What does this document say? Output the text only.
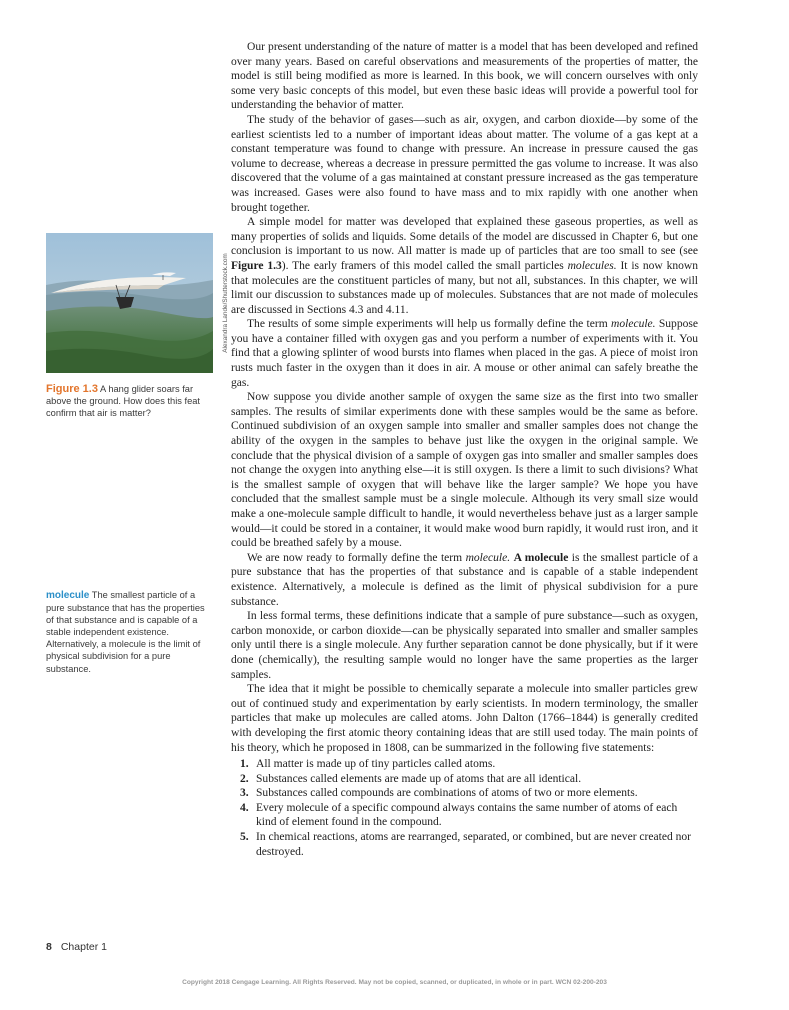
Alexandra Lande/Shutterstock.com
Figure 1.3 A hang glider soars far above the ground. How does this feat confirm that air is matter?
molecule The smallest particle of a pure substance that has the properties of that substance and is capable of a stable independent existence. Alternatively, a molecule is the limit of physical subdivision for a pure substance.

Our present understanding of the nature of matter is a model that has been developed and refined over many years. Based on careful observations and measurements of the properties of matter, the model is still being modified as more is learned. In this book, we will concern ourselves with only some very basic concepts of this model, but even these basic ideas will provide a powerful tool for understanding the behavior of matter.

The study of the behavior of gases—such as air, oxygen, and carbon dioxide—by some of the earliest scientists led to a number of important ideas about matter. The volume of a gas kept at a constant temperature was found to change with pressure. An increase in pressure caused the gas volume to decrease, whereas a decrease in pressure permitted the gas volume to increase. It was also discovered that the volume of a gas maintained at constant pressure increased as the gas temperature was increased. Gases were also found to have mass and to mix rapidly with one another when brought together.

A simple model for matter was developed that explained these gaseous properties, as well as many properties of solids and liquids. Some details of the model are discussed in Chapter 6, but one conclusion is important to us now. All matter is made up of particles that are too small to see (see Figure 1.3). The early framers of this model called the small particles molecules. It is now known that molecules are the constituent particles of many, but not all, substances. In this chapter, we will limit our discussion to substances made up of molecules. Substances that are not made of molecules are discussed in Sections 4.3 and 4.11.

The results of some simple experiments will help us formally define the term molecule. Suppose you have a container filled with oxygen gas and you perform a number of experiments with it. You find that a glowing splinter of wood bursts into flames when placed in the gas. A piece of moist iron rusts much faster in the oxygen than it does in air. A mouse or other animal can safely breathe the gas.

Now suppose you divide another sample of oxygen the same size as the first into two smaller samples. The results of similar experiments done with these samples would be the same as before. Continued subdivision of an oxygen sample into smaller and smaller samples does not change the ability of the oxygen in the samples to behave just like the oxygen in the original sample. We conclude that the physical division of a sample of oxygen gas into smaller and smaller samples does not change the oxygen into anything else—it is still oxygen. Is there a limit to such divisions? What is the smallest sample of oxygen that will behave like the larger sample? We hope you have concluded that the smallest sample must be a single molecule. Although its very small size would make a one-molecule sample difficult to handle, it would nevertheless behave just as a larger sample would—it could be stored in a container, it would make wood burn rapidly, it would rust iron, and it could be breathed safely by a mouse.

We are now ready to formally define the term molecule. A molecule is the smallest particle of a pure substance that has the properties of that substance and is capable of a stable independent existence. Alternatively, a molecule is defined as the limit of physical subdivision for a pure substance.

In less formal terms, these definitions indicate that a sample of pure substance—such as oxygen, carbon monoxide, or carbon dioxide—can be physically separated into smaller and smaller samples only until there is a single molecule. Any further separation cannot be done physically, but if it were done (chemically), the resulting sample would no longer have the same properties as the larger samples.

The idea that it might be possible to chemically separate a molecule into smaller particles grew out of continued study and experimentation by early scientists. In modern terminology, the smaller particles that make up molecules are called atoms. John Dalton (1766–1844) is generally credited with developing the first atomic theory containing ideas that are still used today. The main points of his theory, which he proposed in 1808, can be summarized in the following five statements:

1. All matter is made up of tiny particles called atoms.
2. Substances called elements are made up of atoms that are all identical.
3. Substances called compounds are combinations of atoms of two or more elements.
4. Every molecule of a specific compound always contains the same number of atoms of each kind of element found in the compound.
5. In chemical reactions, atoms are rearranged, separated, or combined, but are never created nor destroyed.
8 Chapter 1
Copyright 2018 Cengage Learning. All Rights Reserved. May not be copied, scanned, or duplicated, in whole or in part. WCN 02-200-203
